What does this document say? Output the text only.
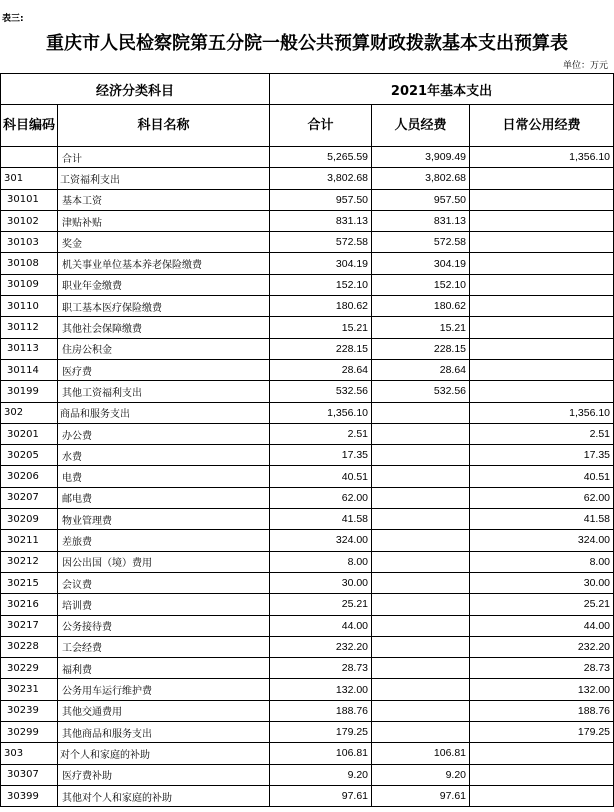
表三:
重庆市人民检察院第五分院一般公共预算财政拨款基本支出预算表
单位：万元
经济分类科目		2021年基本支出		
科目编码	科目名称	合计	人员经费	日常公用经费
	合计	5,265.59	3,909.49	1,356.10
301	工资福利支出	3,802.68	3,802.68	
30101	基本工资	957.50	957.50	
30102	津贴补贴	831.13	831.13	
30103	奖金	572.58	572.58	
30108	机关事业单位基本养老保险缴费	304.19	304.19	
30109	职业年金缴费	152.10	152.10	
30110	职工基本医疗保险缴费	180.62	180.62	
30112	其他社会保障缴费	15.21	15.21	
30113	住房公积金	228.15	228.15	
30114	医疗费	28.64	28.64	
30199	其他工资福利支出	532.56	532.56	
302	商品和服务支出	1,356.10		1,356.10
30201	办公费	2.51		2.51
30205	水费	17.35		17.35
30206	电费	40.51		40.51
30207	邮电费	62.00		62.00
30209	物业管理费	41.58		41.58
30211	差旅费	324.00		324.00
30212	因公出国（境）费用	8.00		8.00
30215	会议费	30.00		30.00
30216	培训费	25.21		25.21
30217	公务接待费	44.00		44.00
30228	工会经费	232.20		232.20
30229	福利费	28.73		28.73
30231	公务用车运行维护费	132.00		132.00
30239	其他交通费用	188.76		188.76
30299	其他商品和服务支出	179.25		179.25
303	对个人和家庭的补助	106.81	106.81	
30307	医疗费补助	9.20	9.20	
30399	其他对个人和家庭的补助	97.61	97.61	
